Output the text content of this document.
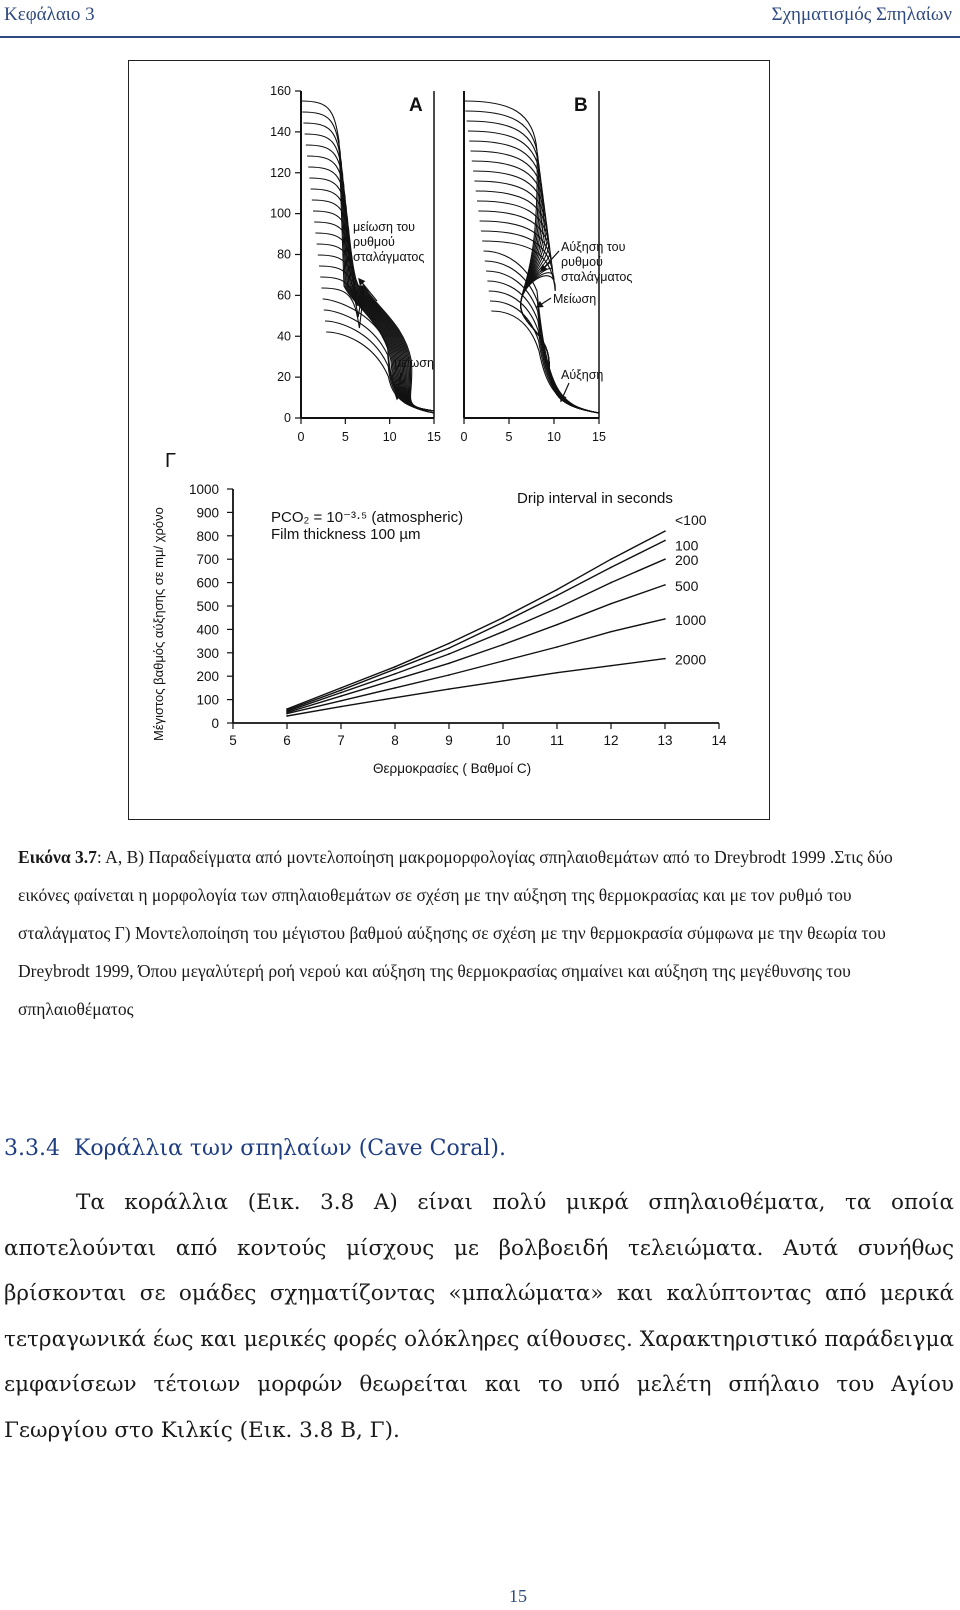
Κεφάλαιο 3	Σχηματισμός Σπηλαίων
160
140
120
100
80
60
40
20
0
0	5	10 15
A
μείωση του
ρυθμού
σταλάγματος
μείωση
0	5	10 15
B
Αύξηση του
ρυθμού
σταλάγματος
Μείωση
Αύξηση
Γ
Μέγιστος βαθμός αύξησης σε mμ/ χρόνο	0
100
200
300
400
500
600
700
800
900
1000
5	6	7	8	9	10	11	12	13	14
<100
100
200
500
1000
2000
PCO₂ = 10⁻³·⁵ (atmospheric)
Film thickness 100 µm
Drip interval in seconds
Θερμοκρασίες ( Βαθμοί C)
Εικόνα 3.7: Α, Β) Παραδείγματα από μοντελοποίηση μακρομορφολογίας σπηλαιοθεμάτων από το Dreybrodt 1999 .Στις δύο εικόνες φαίνεται η μορφολογία των σπηλαιοθεμάτων σε σχέση με την αύξηση της θερμοκρασίας και με τον ρυθμό του σταλάγματος Γ) Μοντελοποίηση του μέγιστου βαθμού αύξησης σε σχέση με την θερμοκρασία σύμφωνα με την θεωρία του Dreybrodt 1999, Όπου μεγαλύτερή ροή νερού και αύξηση της θερμοκρασίας σημαίνει και αύξηση της μεγέθυνσης του σπηλαιοθέματος
3.3.4 Κοράλλια των σπηλαίων (Cave Coral).
Τα κοράλλια (Εικ. 3.8 Α) είναι πολύ μικρά σπηλαιοθέματα, τα οποία αποτελούνται από κοντούς μίσχους με βολβοειδή τελειώματα. Αυτά συνήθως βρίσκονται σε ομάδες σχηματίζοντας «μπαλώματα» και καλύπτοντας από μερικά τετραγωνικά έως και μερικές φορές ολόκληρες αίθουσες. Χαρακτηριστικό παράδειγμα εμφανίσεων τέτοιων μορφών θεωρείται και το υπό μελέτη σπήλαιο του Αγίου Γεωργίου στο Κιλκίς (Εικ. 3.8 Β, Γ).
15
